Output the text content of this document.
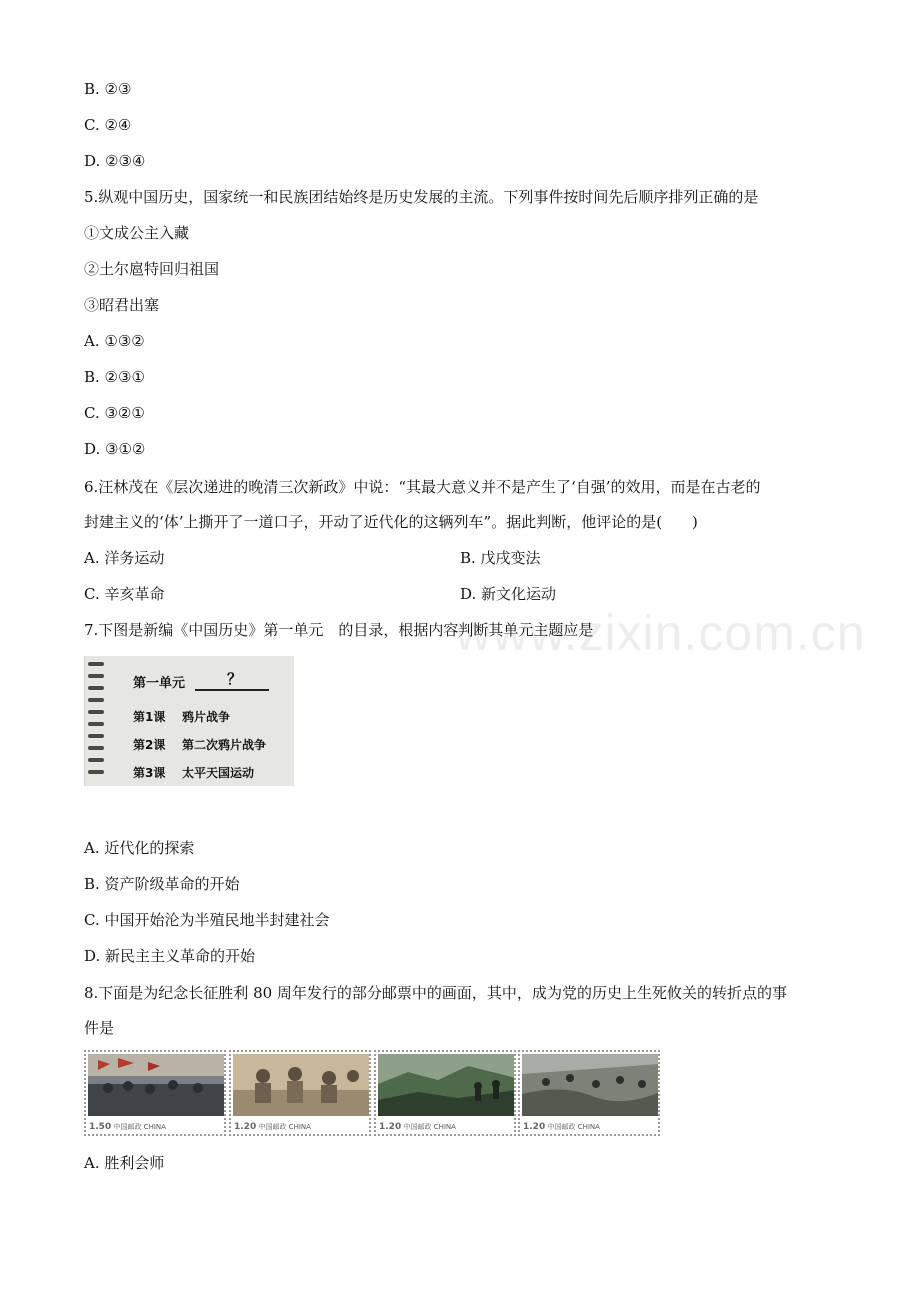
B. ②③
C. ②④
D. ②③④
5.纵观中国历史，国家统一和民族团结始终是历史发展的主流。下列事件按时间先后顺序排列正确的是
①文成公主入藏
②土尔扈特回归祖国
③昭君出塞
A. ①③②
B. ②③①
C. ③②①
D. ③①②
6.汪林茂在《层次递进的晚清三次新政》中说：“其最大意义并不是产生了‘自强’的效用，而是在古老的
封建主义的‘体’上撕开了一道口子，开动了近代化的这辆列车”。据此判断，他评论的是(　　)
A. 洋务运动	B. 戊戌变法
C. 辛亥革命	D. 新文化运动
www.zixin.com.cn
7.下图是新编《中国历史》第一单元　的目录，根据内容判断其单元主题应是
第一单元	？
第1课 鸦片战争
第2课 第二次鸦片战争
第3课 太平天国运动
A. 近代化的探索
B. 资产阶级革命的开始
C. 中国开始沦为半殖民地半封建社会
D. 新民主主义革命的开始
8.下面是为纪念长征胜利 80 周年发行的部分邮票中的画面，其中，成为党的历史上生死攸关的转折点的事
件是
1.50 中国邮政 CHINA	1.20 中国邮政 CHINA	1.20 中国邮政 CHINA	1.20 中国邮政 CHINA
A. 胜利会师
